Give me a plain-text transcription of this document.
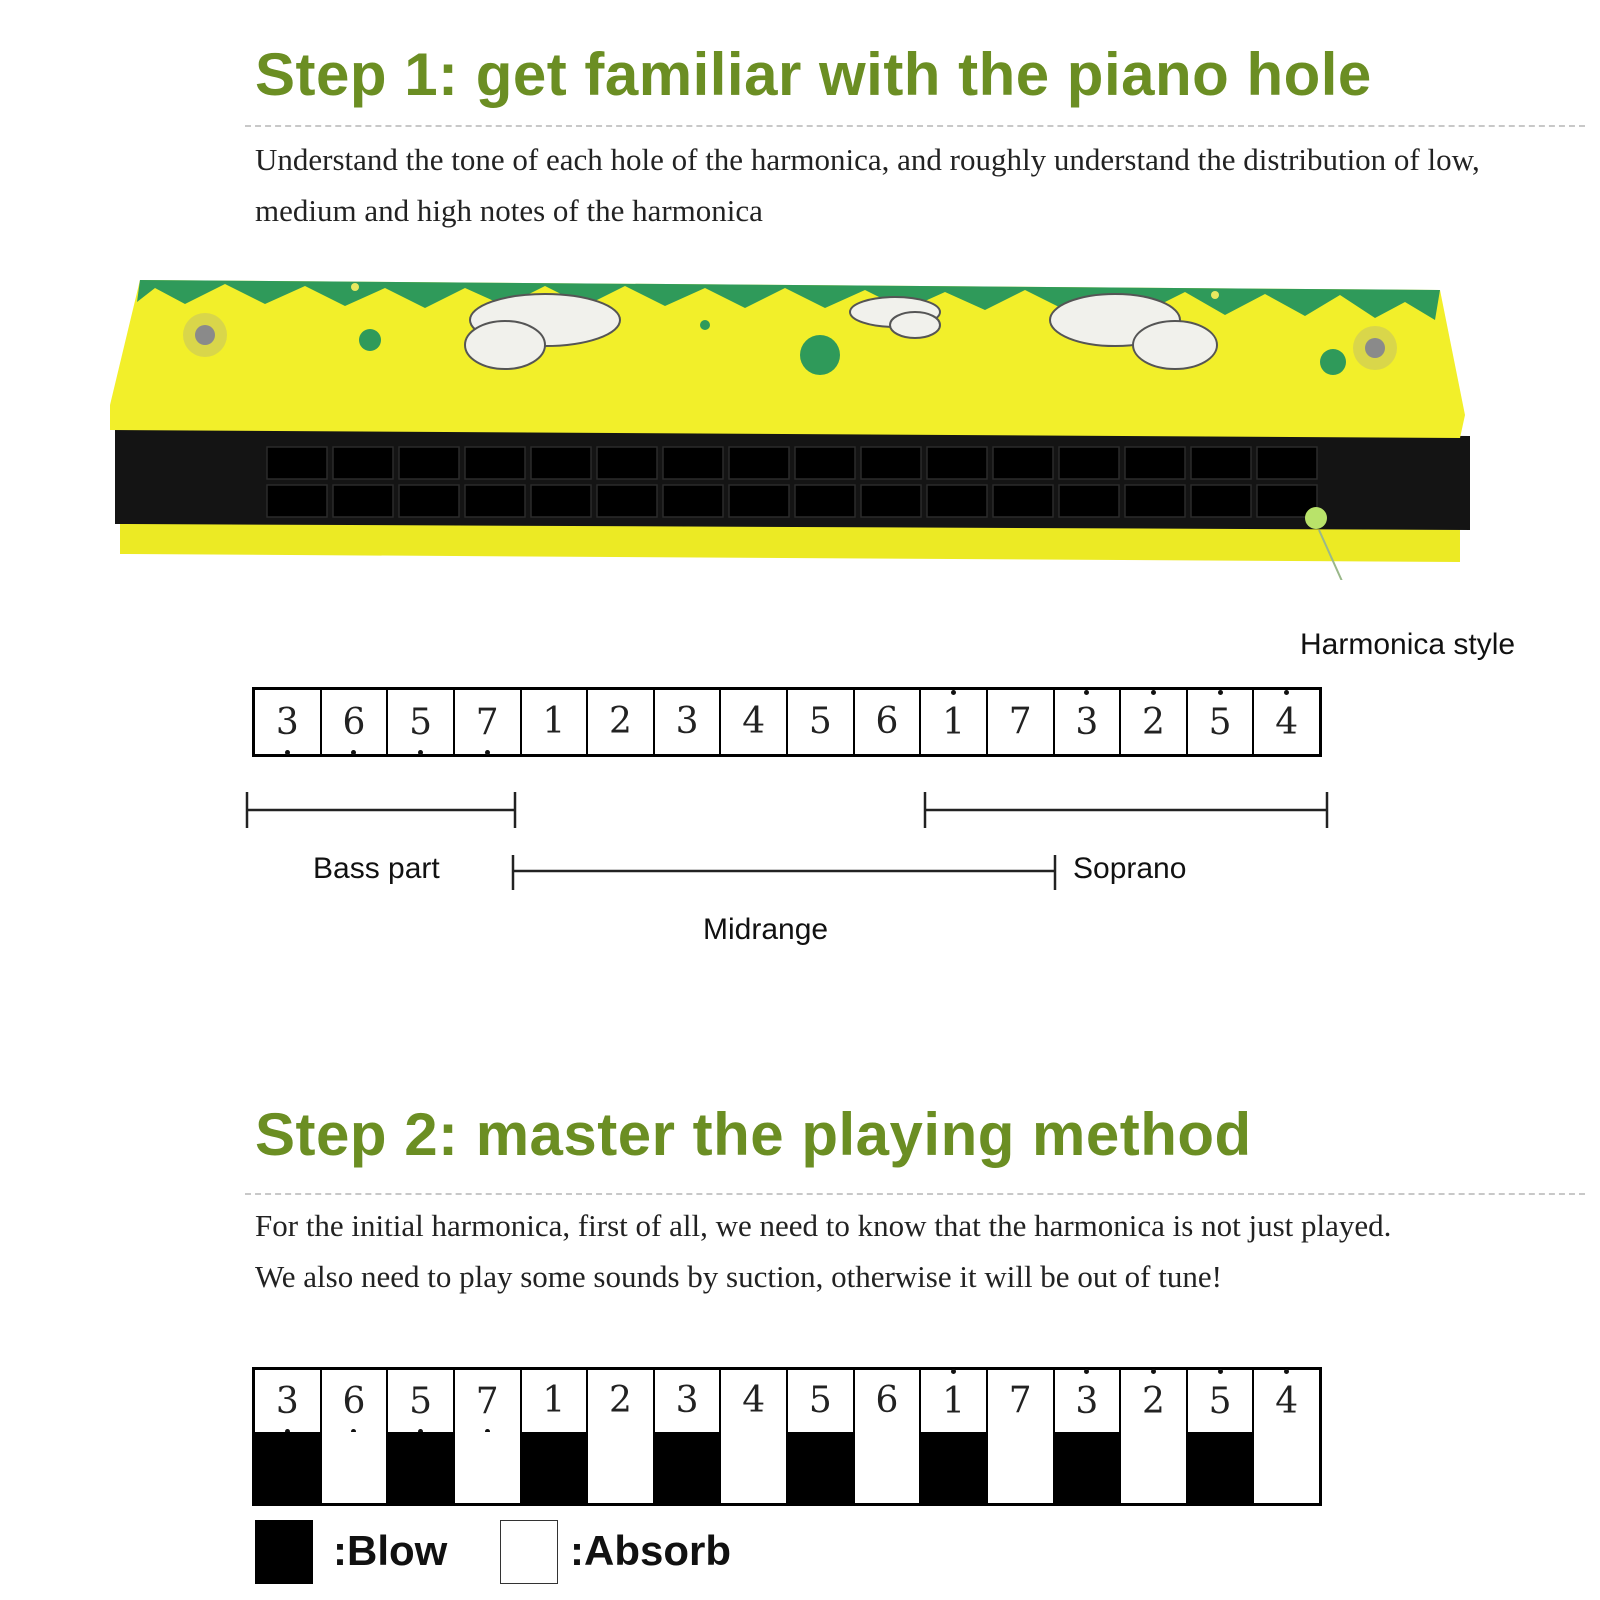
Step 1: get familiar with the piano hole

Understand the tone of each hole of the harmonica, and roughly understand the distribution of low, medium and high notes of the harmonica

Harmonica style
3 6 5 7 1 2 3 4 5 6 1 7 3 2 5 4
Bass part	Soprano
Midrange
Step 2: master the playing method

For the initial harmonica, first of all, we need to know that the harmonica is not just played.

We also need to play some sounds by suction, otherwise it will be out of tune!

3 6 5 7 1 2 3 4 5 6 1 7 3 2 5 4
:Blow	:Absorb
